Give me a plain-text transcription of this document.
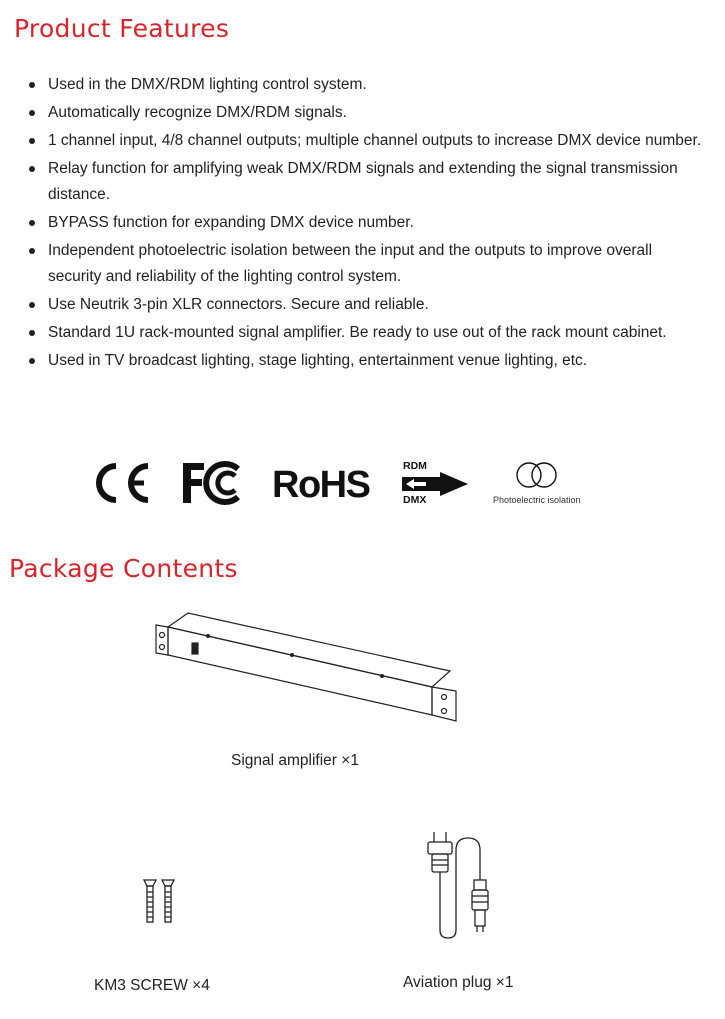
Product Features
Used in the DMX/RDM lighting control system.
Automatically recognize DMX/RDM signals.
1 channel input, 4/8 channel outputs; multiple channel outputs to increase DMX device number.
Relay function for amplifying weak DMX/RDM signals and extending the signal transmission distance.
BYPASS function for expanding DMX device number.
Independent photoelectric isolation between the input and the outputs to improve overall security and reliability of the lighting control system.
Use Neutrik 3-pin XLR connectors. Secure and reliable.
Standard 1U rack-mounted signal amplifier. Be ready to use out of the rack mount cabinet.
Used in TV broadcast lighting, stage lighting, entertainment venue lighting, etc.
RoHS	RDM
DMX	Photoelectric isolation
Package Contents
Signal amplifier ×1
KM3 SCREW ×4	Aviation plug ×1
